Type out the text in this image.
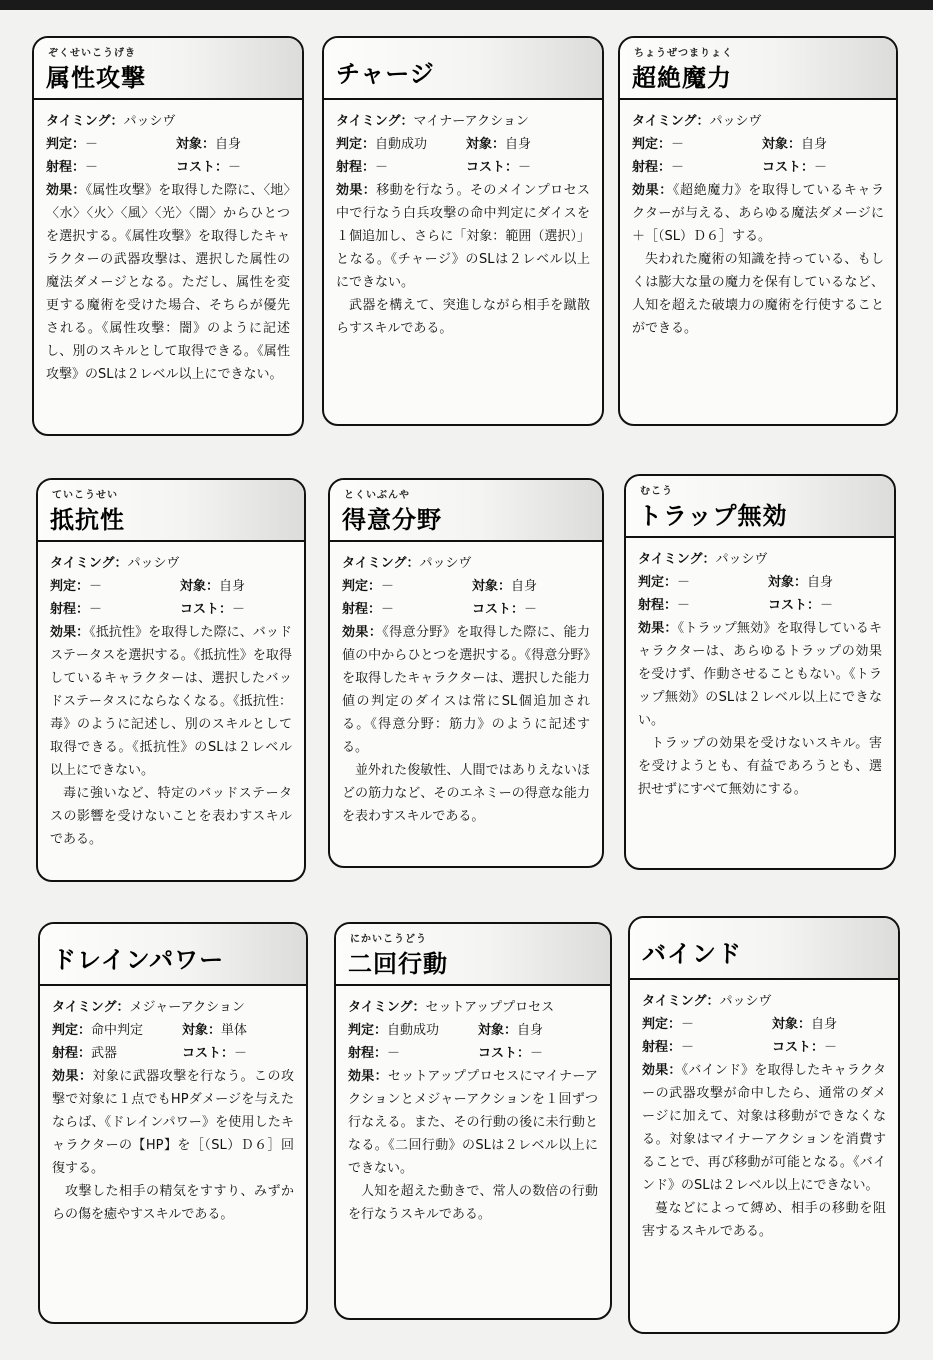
ぞくせいこうげき
属性攻撃
タイミング：パッシヴ
判定：－	対象：自身
射程：－	コスト：－

効果：《属性攻撃》を取得した際に、〈地〉〈水〉〈火〉〈風〉〈光〉〈闇〉からひとつを選択する。《属性攻撃》を取得したキャラクターの武器攻撃は、選択した属性の魔法ダメージとなる。ただし、属性を変更する魔術を受けた場合、そちらが優先される。《属性攻撃：闇》のように記述し、別のスキルとして取得できる。《属性攻撃》のSLは２レベル以上にできない。

チャージ
タイミング：マイナーアクション
判定：自動成功	対象：自身
射程：－	コスト：－

効果：移動を行なう。そのメインプロセス中で行なう白兵攻撃の命中判定にダイスを１個追加し、さらに「対象：範囲（選択）」となる。《チャージ》のSLは２レベル以上にできない。

武器を構えて、突進しながら相手を蹴散らすスキルである。

ちょうぜつまりょく
超絶魔力
タイミング：パッシヴ
判定：－	対象：自身
射程：－	コスト：－

効果：《超絶魔力》を取得しているキャラクターが与える、あらゆる魔法ダメージに＋［（SL）Ｄ６］する。

失われた魔術の知識を持っている、もしくは膨大な量の魔力を保有しているなど、人知を超えた破壊力の魔術を行使することができる。

ていこうせい
抵抗性
タイミング：パッシヴ
判定：－	対象：自身
射程：－	コスト：－

効果：《抵抗性》を取得した際に、バッドステータスを選択する。《抵抗性》を取得しているキャラクターは、選択したバッドステータスにならなくなる。《抵抗性：毒》のように記述し、別のスキルとして取得できる。《抵抗性》のSLは２レベル以上にできない。

毒に強いなど、特定のバッドステータスの影響を受けないことを表わすスキルである。

とくいぶんや
得意分野
タイミング：パッシヴ
判定：－	対象：自身
射程：－	コスト：－

効果：《得意分野》を取得した際に、能力値の中からひとつを選択する。《得意分野》を取得したキャラクターは、選択した能力値の判定のダイスは常にSL個追加される。《得意分野：筋力》のように記述する。

並外れた俊敏性、人間ではありえないほどの筋力など、そのエネミーの得意な能力を表わすスキルである。

むこう
トラップ無効
タイミング：パッシヴ
判定：－	対象：自身
射程：－	コスト：－

効果：《トラップ無効》を取得しているキャラクターは、あらゆるトラップの効果を受けず、作動させることもない。《トラップ無効》のSLは２レベル以上にできない。

トラップの効果を受けないスキル。害を受けようとも、有益であろうとも、選択せずにすべて無効にする。

ドレインパワー
タイミング：メジャーアクション
判定：命中判定	対象：単体
射程：武器	コスト：－

効果：対象に武器攻撃を行なう。この攻撃で対象に１点でもHPダメージを与えたならば、《ドレインパワー》を使用したキャラクターの【HP】を［（SL）Ｄ６］回復する。

攻撃した相手の精気をすすり、みずからの傷を癒やすスキルである。

にかいこうどう
二回行動
タイミング：セットアッププロセス
判定：自動成功	対象：自身
射程：－	コスト：－

効果：セットアッププロセスにマイナーアクションとメジャーアクションを１回ずつ行なえる。また、その行動の後に未行動となる。《二回行動》のSLは２レベル以上にできない。

人知を超えた動きで、常人の数倍の行動を行なうスキルである。

バインド
タイミング：パッシヴ
判定：－	対象：自身
射程：－	コスト：－

効果：《バインド》を取得したキャラクターの武器攻撃が命中したら、通常のダメージに加えて、対象は移動ができなくなる。対象はマイナーアクションを消費することで、再び移動が可能となる。《バインド》のSLは２レベル以上にできない。

蔓などによって縛め、相手の移動を阻害するスキルである。
